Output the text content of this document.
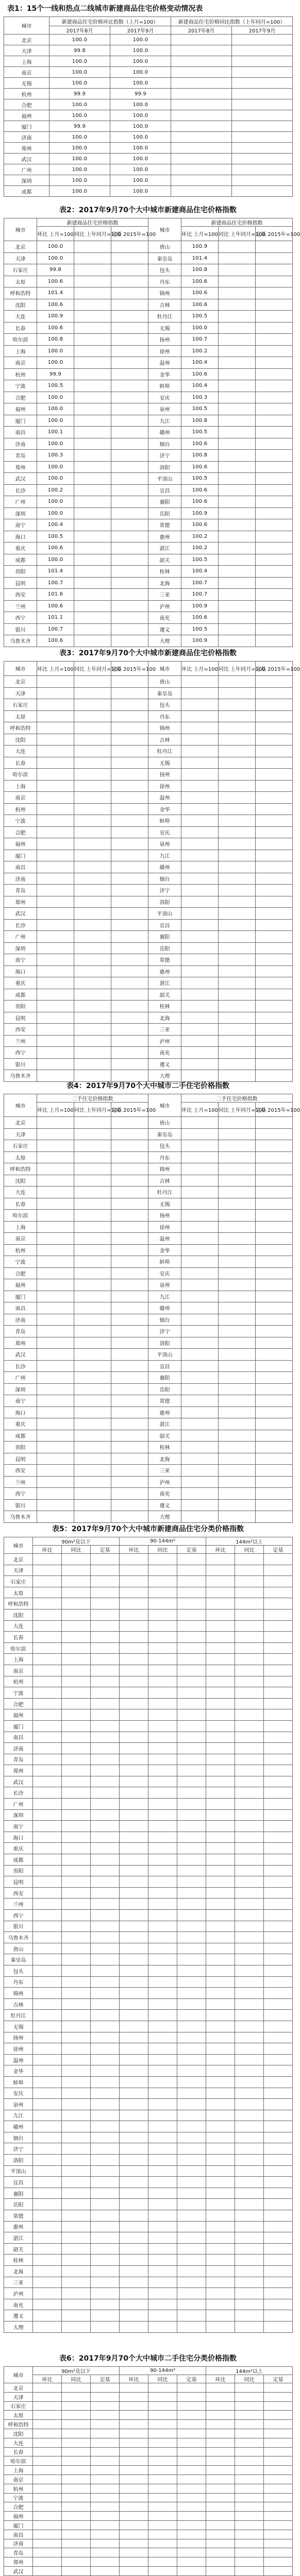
表1：15个一线和热点二线城市新建商品住宅价格变动情况表
城市	新建商品住宅价格环比指数（上月=100）		新建商品住宅价格同比指数（上年同月=100）	
	2017年8月	2017年9月	2017年8月	2017年9月
北京	100.0	100.0		
天津	99.8	100.0		
上海	100.0	100.0		
南京	100.0	100.0		
无锡	100.0	100.0		
杭州	99.9	99.9		
合肥	100.0	100.0		
福州	100.0	100.0		
厦门	99.9	100.0		
济南	100.0	100.0		
郑州	100.0	100.0		
武汉	100.0	100.0		
广州	100.0	100.0		
深圳	100.0	100.0		
成都	100.0	100.0		
表2：2017年9月70个大中城市新建商品住宅价格指数
城市	新建商品住宅价格指数			城市	新建商品住宅价格指数		
	环比 上月=100	同比 上年同月=100	定基 2015年=100		环比 上月=100	同比 上年同月=100	定基 2015年=100
北京	100.0			唐山	100.9		
天津	100.0			秦皇岛	101.4		
石家庄	99.8			包头	100.8		
太原	100.6			丹东	100.6		
呼和浩特	101.4			锦州	100.6		
沈阳	100.6			吉林	100.6		
大连	100.9			牡丹江	100.5		
长春	100.6			无锡	100.0		
哈尔滨	100.8			扬州	100.7		
上海	100.0			徐州	100.2		
南京	100.0			温州	100.4		
杭州	99.9			金华	100.6		
宁波	100.5			蚌埠	100.4		
合肥	100.0			安庆	100.3		
福州	100.0			泉州	100.5		
厦门	100.0			九江	100.8		
南昌	100.1			赣州	100.5		
济南	100.0			烟台	100.6		
青岛	100.3			济宁	100.8		
郑州	100.0			洛阳	100.6		
武汉	100.0			平顶山	100.5		
长沙	100.2			宜昌	100.6		
广州	100.0			襄阳	100.6		
深圳	100.0			岳阳	100.9		
南宁	100.4			常德	100.6		
海口	100.5			惠州	100.2		
重庆	100.6			湛江	100.2		
成都	100.0			韶关	100.5		
贵阳	101.4			桂林	100.4		
昆明	100.7			北海	100.7		
西安	101.6			三亚	100.7		
兰州	100.6			泸州	100.9		
西宁	101.1			南充	100.6		
银川	100.7			遵义	100.5		
乌鲁木齐	100.6			大理	100.9		
表3：2017年9月70个大中城市新建商品住宅价格指数
城市	环比 上月=100	同比 上年同月=100	定基 2015年=100	城市	环比 上月=100	同比 上年同月=100	定基 2015年=100
北京				唐山			
天津				秦皇岛			
石家庄				包头			
太原				丹东			
呼和浩特				锦州			
沈阳				吉林			
大连				牡丹江			
长春				无锡			
哈尔滨				扬州			
上海				徐州			
南京				温州			
杭州				金华			
宁波				蚌埠			
合肥				安庆			
福州				泉州			
厦门				九江			
南昌				赣州			
济南				烟台			
青岛				济宁			
郑州				洛阳			
武汉				平顶山			
长沙				宜昌			
广州				襄阳			
深圳				岳阳			
南宁				常德			
海口				惠州			
重庆				湛江			
成都				韶关			
贵阳				桂林			
昆明				北海			
西安				三亚			
兰州				泸州			
西宁				南充			
银川				遵义			
乌鲁木齐				大理			
表4：2017年9月70个大中城市二手住宅价格指数
城市	二手住宅价格指数			城市	二手住宅价格指数		
	环比 上月=100	同比 上年同月=100	定基 2015年=100		环比 上月=100	同比 上年同月=100	定基 2015年=100
北京				唐山			
天津				秦皇岛			
石家庄				包头			
太原				丹东			
呼和浩特				锦州			
沈阳				吉林			
大连				牡丹江			
长春				无锡			
哈尔滨				扬州			
上海				徐州			
南京				温州			
杭州				金华			
宁波				蚌埠			
合肥				安庆			
福州				泉州			
厦门				九江			
南昌				赣州			
济南				烟台			
青岛				济宁			
郑州				洛阳			
武汉				平顶山			
长沙				宜昌			
广州				襄阳			
深圳				岳阳			
南宁				常德			
海口				惠州			
重庆				湛江			
成都				韶关			
贵阳				桂林			
昆明				北海			
西安				三亚			
兰州				泸州			
西宁				南充			
银川				遵义			
乌鲁木齐				大理			
表5：2017年9月70个大中城市新建商品住宅分类价格指数
城市	90m²及以下			90-144m²			144m²以上		
	环比	同比	定基	环比	同比	定基	环比	同比	定基
北京									
天津									
石家庄									
太原									
呼和浩特									
沈阳									
大连									
长春									
哈尔滨									
上海									
南京									
杭州									
宁波									
合肥									
福州									
厦门									
南昌									
济南									
青岛									
郑州									
武汉									
长沙									
广州									
深圳									
南宁									
海口									
重庆									
成都									
贵阳									
昆明									
西安									
兰州									
西宁									
银川									
乌鲁木齐									
唐山									
秦皇岛									
包头									
丹东									
锦州									
吉林									
牡丹江									
无锡									
扬州									
徐州									
温州									
金华									
蚌埠									
安庆									
泉州									
九江									
赣州									
烟台									
济宁									
洛阳									
平顶山									
宜昌									
襄阳									
岳阳									
常德									
惠州									
湛江									
韶关									
桂林									
北海									
三亚									
泸州									
南充									
遵义									
大理									
表6：2017年9月70个大中城市二手住宅分类价格指数
城市	90m²及以下			90-144m²			144m²以上		
	环比	同比	定基	环比	同比	定基	环比	同比	定基
北京									
天津									
石家庄									
太原									
呼和浩特									
沈阳									
大连									
长春									
哈尔滨									
上海									
南京									
杭州									
宁波									
合肥									
福州									
厦门									
南昌									
济南									
青岛									
郑州									
武汉									
